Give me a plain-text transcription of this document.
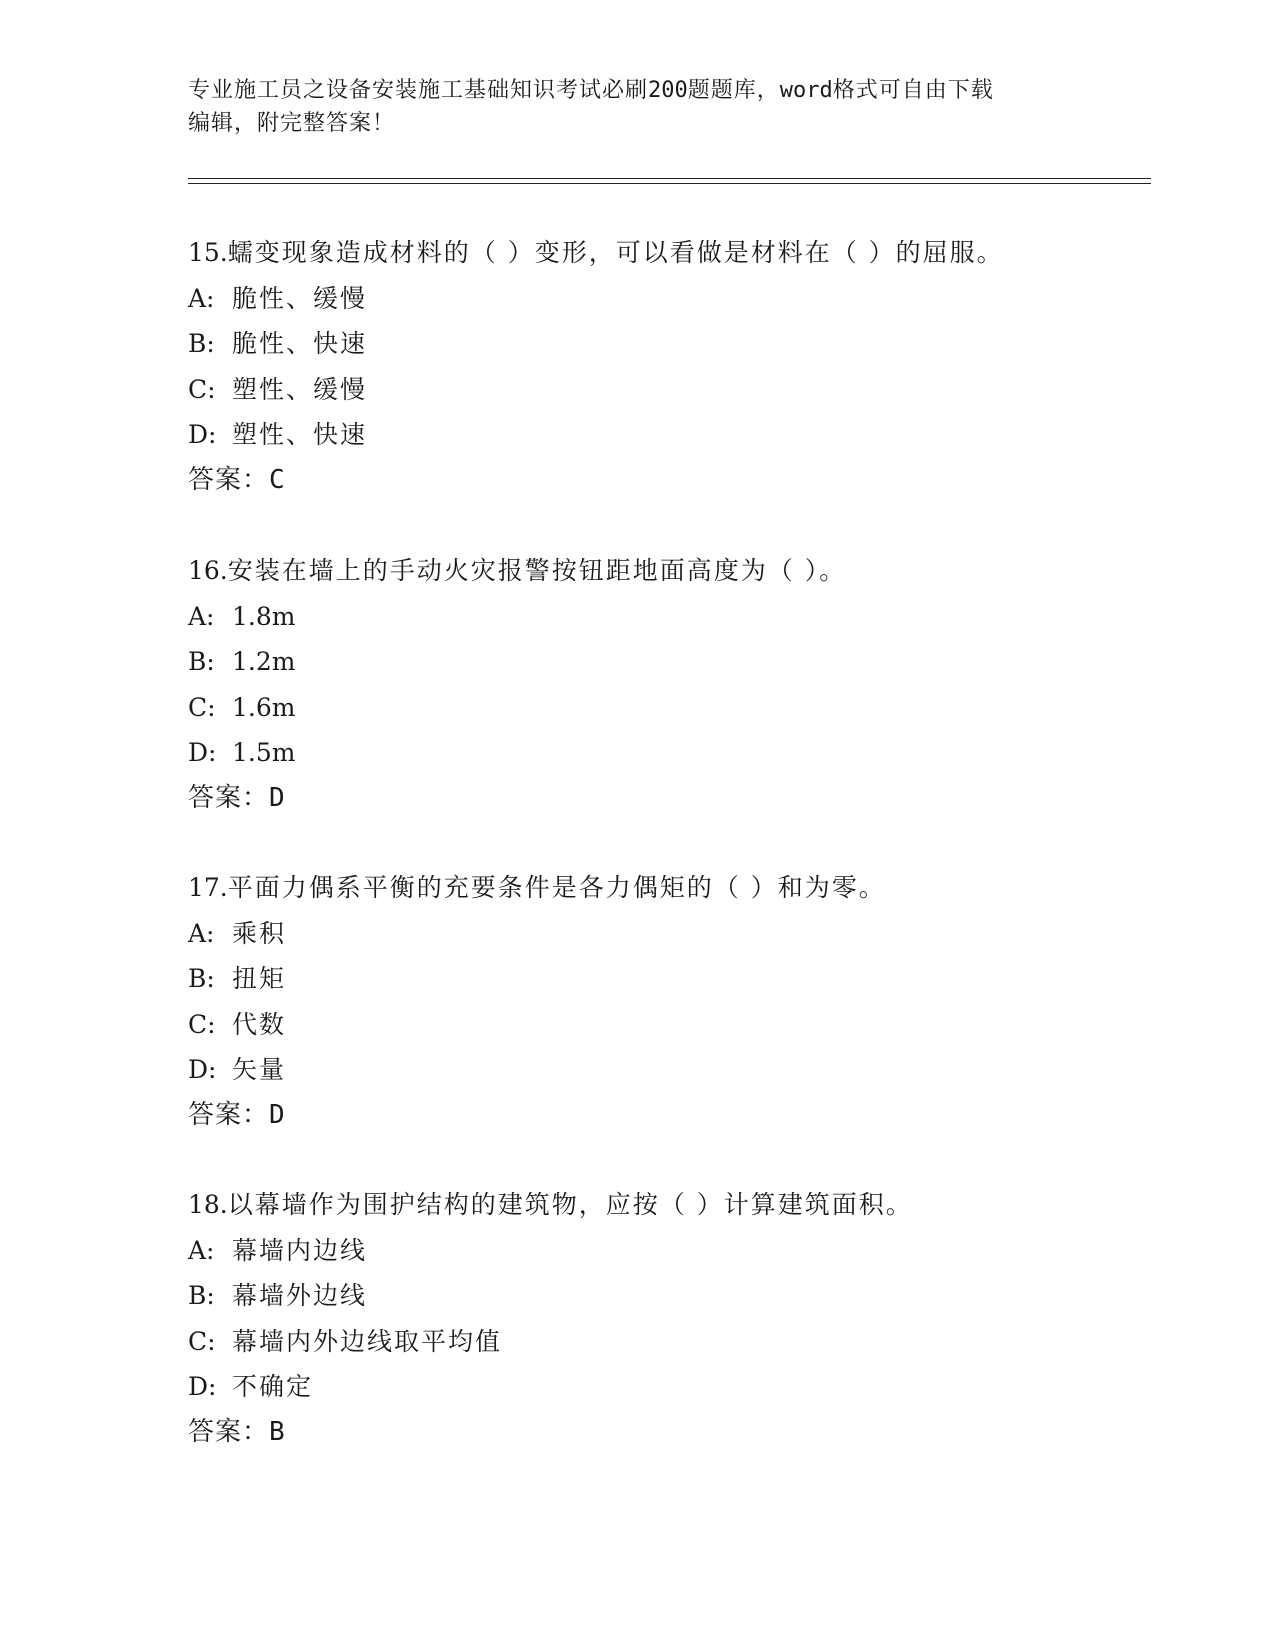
专业施工员之设备安装施工基础知识考试必刷200题题库，word格式可自由下载
编辑，附完整答案！
15.蠕变现象造成材料的（ ）变形，可以看做是材料在（ ）的屈服。
A: 脆性、缓慢
B: 脆性、快速
C: 塑性、缓慢
D: 塑性、快速
答案：C
16.安装在墙上的手动火灾报警按钮距地面高度为（ ）。
A: 1.8m
B: 1.2m
C: 1.6m
D: 1.5m
答案：D
17.平面力偶系平衡的充要条件是各力偶矩的（ ）和为零。
A: 乘积
B: 扭矩
C: 代数
D: 矢量
答案：D
18.以幕墙作为围护结构的建筑物，应按（ ）计算建筑面积。
A: 幕墙内边线
B: 幕墙外边线
C: 幕墙内外边线取平均值
D: 不确定
答案：B
